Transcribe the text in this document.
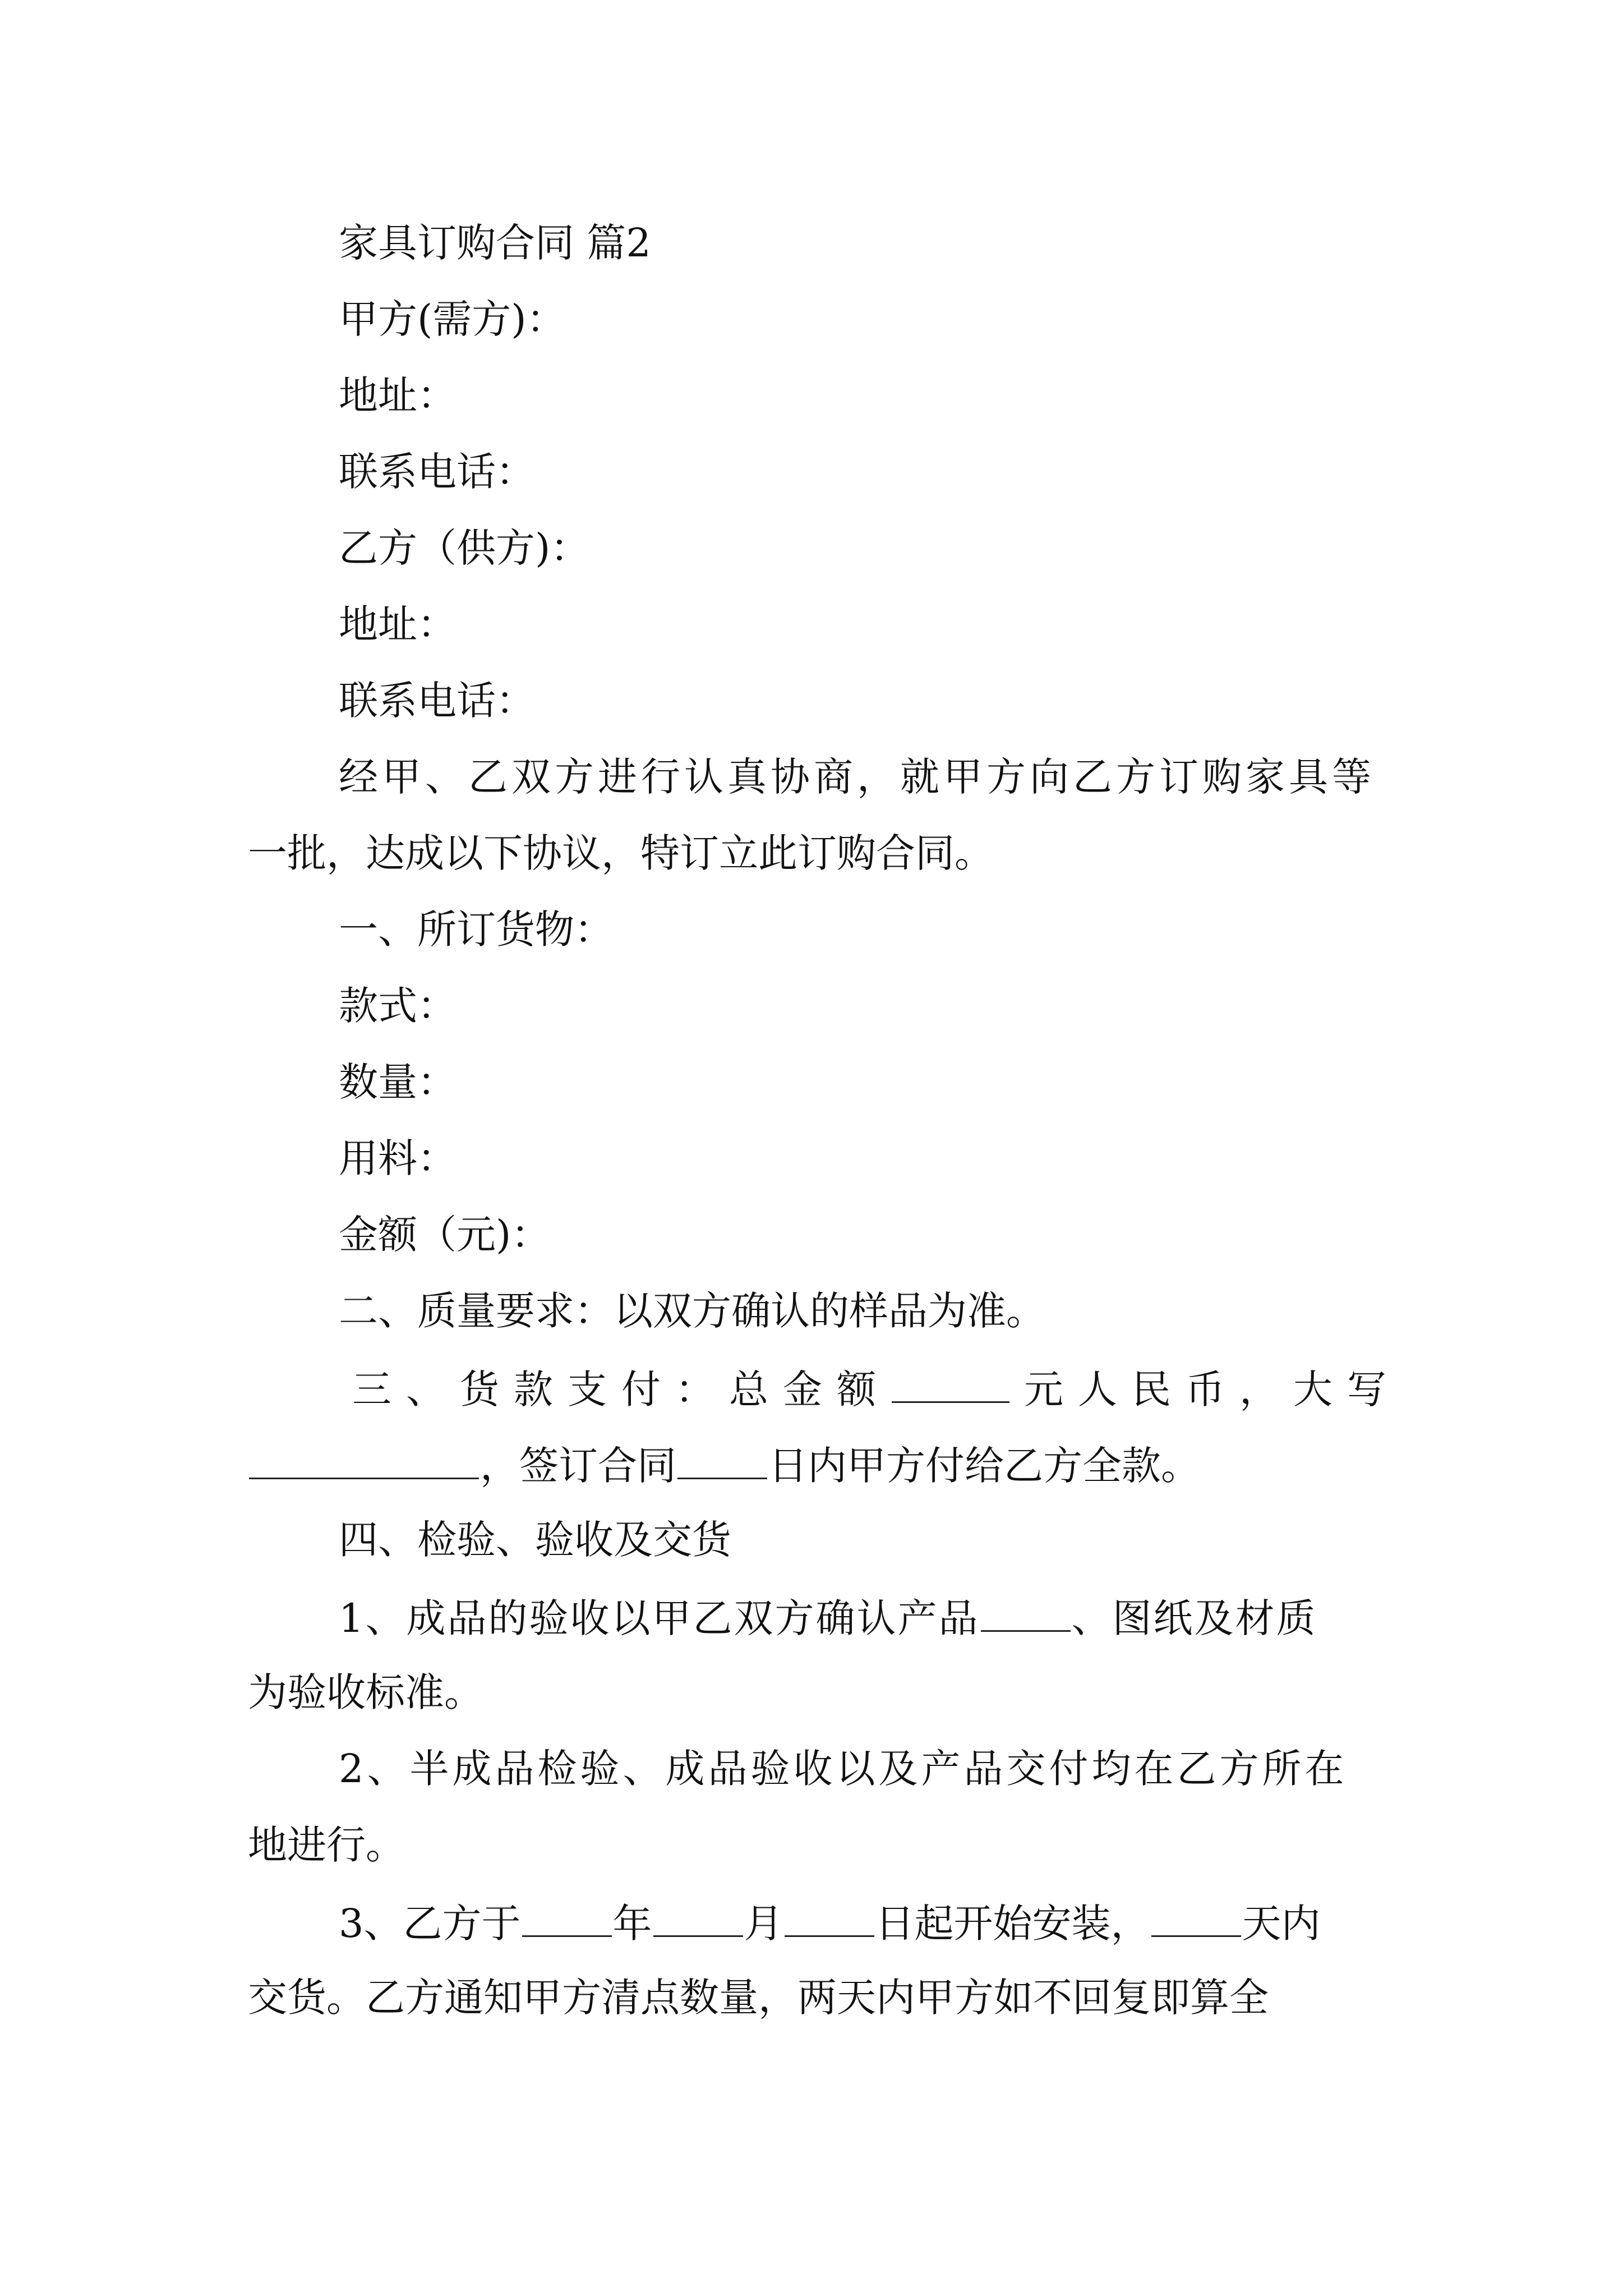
家具订购合同 篇2
甲方(需方)：
地址：
联系电话：
乙方（供方)：
地址：
联系电话：
经甲、乙双方进行认真协商，就甲方向乙方订购家具等
一批，达成以下协议，特订立此订购合同。
一、所订货物：
款式：
数量：
用料：
金额（元)：
二、质量要求：以双方确认的样品为准。
三、货款支付：总金额	元人民币，大写
，签订合同 日内甲方付给乙方全款。
四、检验、验收及交货
1、成品的验收以甲乙双方确认产品 、图纸及材质
为验收标准。
2、半成品检验、成品验收以及产品交付均在乙方所在
地进行。
3、乙方于 年 月 日起开始安装， 天内
交货。乙方通知甲方清点数量，两天内甲方如不回复即算全
